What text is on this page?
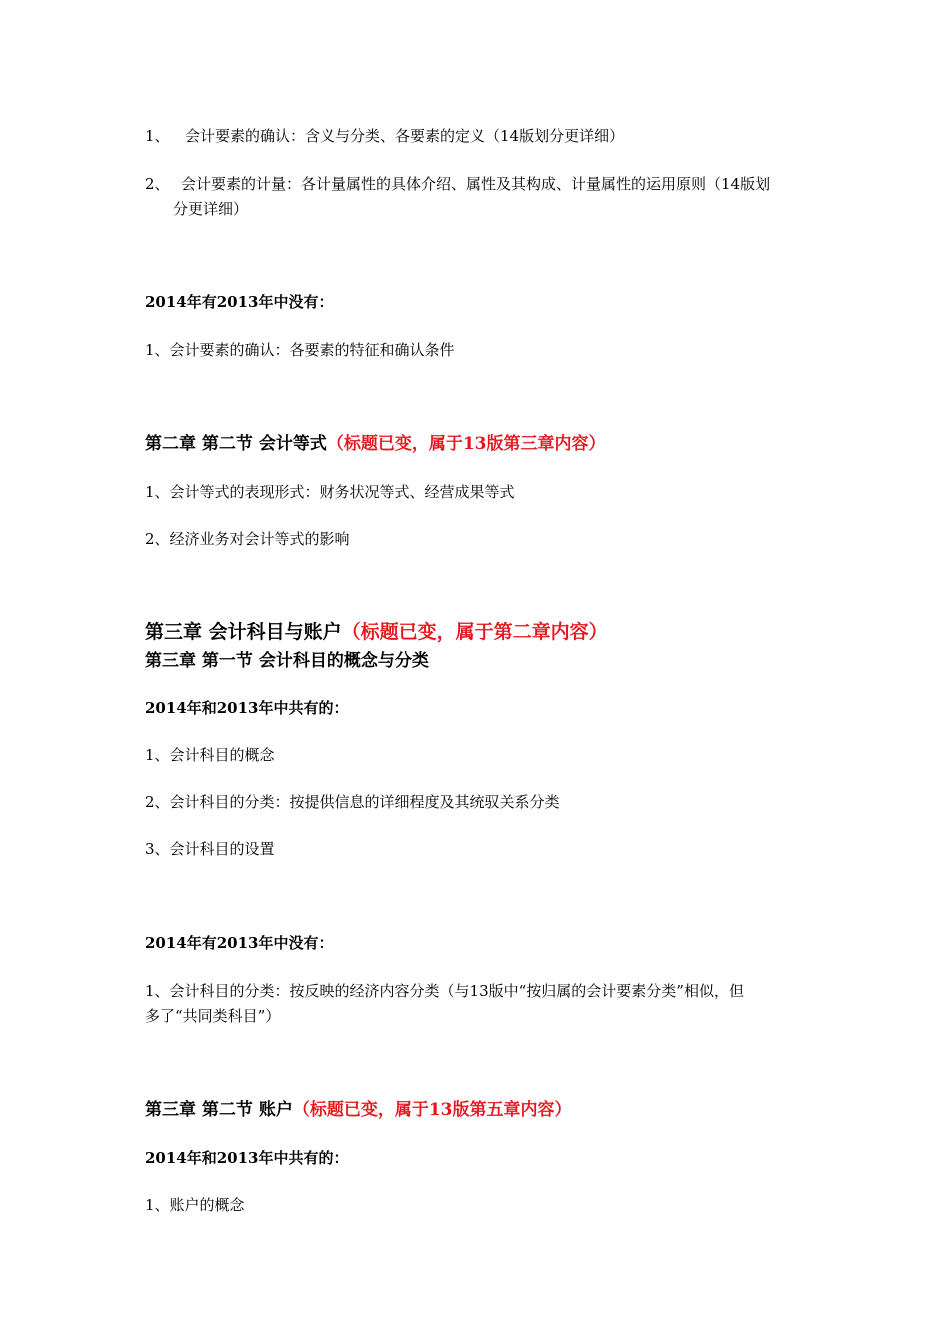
1、 会计要素的确认：含义与分类、各要素的定义（14版划分更详细）
2、 会计要素的计量：各计量属性的具体介绍、属性及其构成、计量属性的运用原则（14版划
分更详细）
2014年有2013年中没有：
1、会计要素的确认：各要素的特征和确认条件
第二章 第二节 会计等式（标题已变，属于13版第三章内容）
1、会计等式的表现形式：财务状况等式、经营成果等式
2、经济业务对会计等式的影响
第三章 会计科目与账户（标题已变，属于第二章内容）
第三章 第一节 会计科目的概念与分类
2014年和2013年中共有的：
1、会计科目的概念
2、会计科目的分类：按提供信息的详细程度及其统驭关系分类
3、会计科目的设置
2014年有2013年中没有：
1、会计科目的分类：按反映的经济内容分类（与13版中“按归属的会计要素分类”相似，但
多了“共同类科目”）
第三章 第二节 账户（标题已变，属于13版第五章内容）
2014年和2013年中共有的：
1、账户的概念
